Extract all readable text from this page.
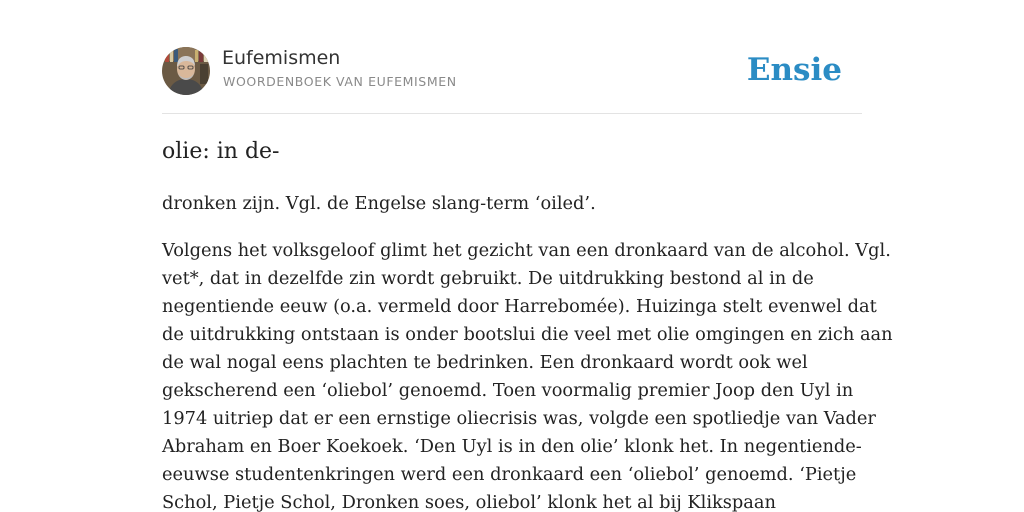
Eufemismen
WOORDENBOEK VAN EUFEMISMEN	Ensie
olie: in de-

dronken zijn. Vgl. de Engelse slang-term ‘oiled’.

Volgens het volksgeloof glimt het gezicht van een dronkaard van de alcohol. Vgl.
vet*, dat in dezelfde zin wordt gebruikt. De uitdrukking bestond al in de
negentiende eeuw (o.a. vermeld door Harrebomée). Huizinga stelt evenwel dat
de uitdrukking ontstaan is onder bootslui die veel met olie omgingen en zich aan
de wal nogal eens plachten te bedrinken. Een dronkaard wordt ook wel
gekscherend een ‘oliebol’ genoemd. Toen voormalig premier Joop den Uyl in
1974 uitriep dat er een ernstige oliecrisis was, volgde een spotliedje van Vader
Abraham en Boer Koekoek. ‘Den Uyl is in den olie’ klonk het. In negentiende-
eeuwse studentenkringen werd een dronkaard een ‘oliebol’ genoemd. ‘Pietje
Schol, Pietje Schol, Dronken soes, oliebol’ klonk het al bij Klikspaan
